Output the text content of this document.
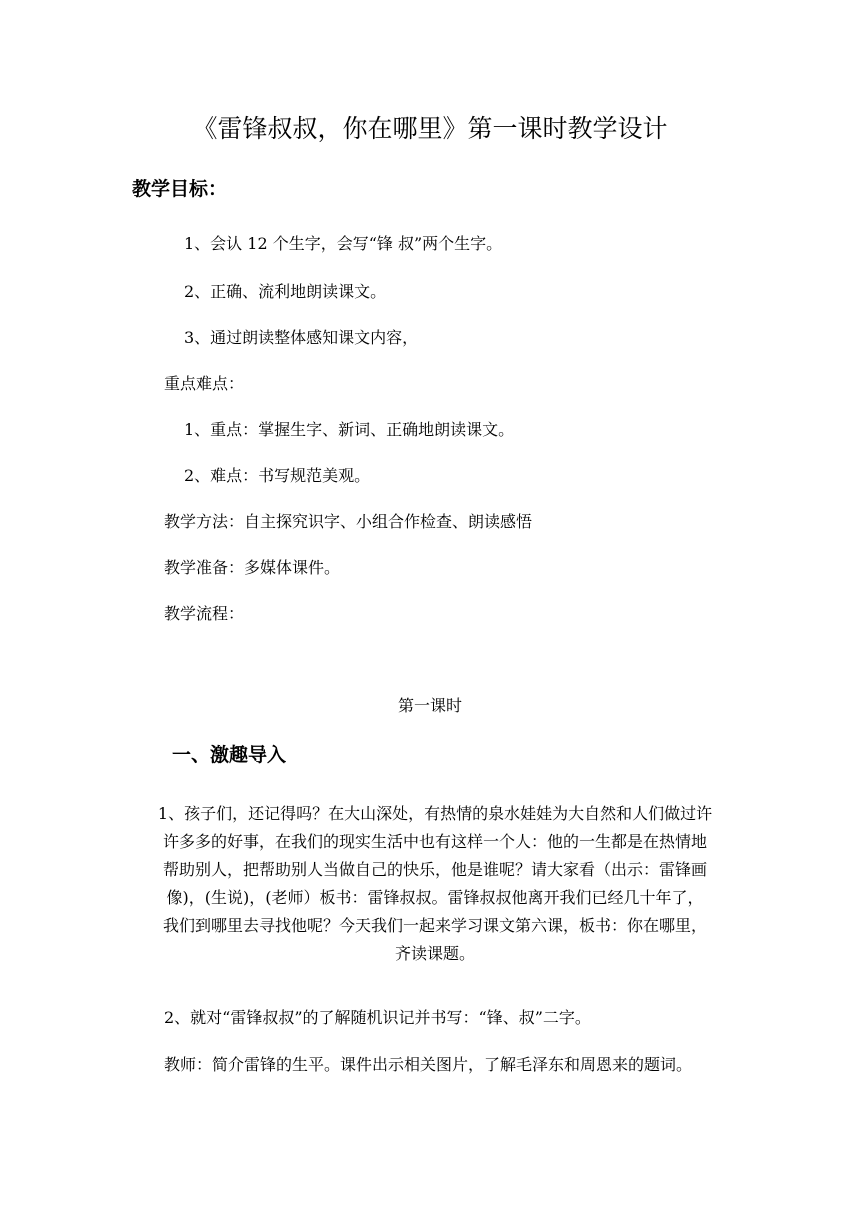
《雷锋叔叔，你在哪里》第一课时教学设计
教学目标：
1、会认 12 个生字，会写“锋 叔”两个生字。
2、正确、流利地朗读课文。
3、通过朗读整体感知课文内容，
重点难点：
1、重点：掌握生字、新词、正确地朗读课文。
2、难点：书写规范美观。
教学方法：自主探究识字、小组合作检查、朗读感悟
教学准备：多媒体课件。
教学流程：
第一课时
一、激趣导入
1、孩子们，还记得吗？在大山深处，有热情的泉水娃娃为大自然和人们做过许
许多多的好事，在我们的现实生活中也有这样一个人：他的一生都是在热情地
帮助别人，把帮助别人当做自己的快乐，他是谁呢？请大家看（出示：雷锋画
像)，(生说)，(老师）板书：雷锋叔叔。雷锋叔叔他离开我们已经几十年了，
我们到哪里去寻找他呢？今天我们一起来学习课文第六课，板书：你在哪里，
齐读课题。
2、就对“雷锋叔叔”的了解随机识记并书写：“锋、叔”二字。
教师：简介雷锋的生平。课件出示相关图片，了解毛泽东和周恩来的题词。
